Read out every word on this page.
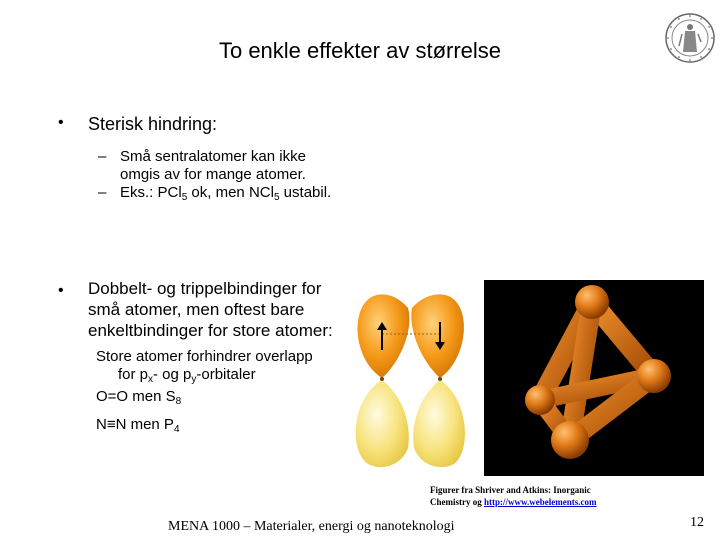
To enkle effekter av størrelse
• Sterisk hindring:
– Små sentralatomer kan ikke
omgis av for mange atomer.
– Eks.: PCl$_5$ ok, men NCl$_5$ ustabil.
• Dobbelt- og trippelbindinger for
små atomer, men oftest bare
enkeltbindinger for store atomer:
Store atomer forhindrer overlapp
for $p_x-$ og $p_y$-orbitaler
O=O men $S_8$
N≡N men $P_4$
Figurer fra Shriver and Atkins: Inorganic
Chemistry og http://www.webelements.com
MENA 1000 – Materialer, energi og nanoteknologi	12
